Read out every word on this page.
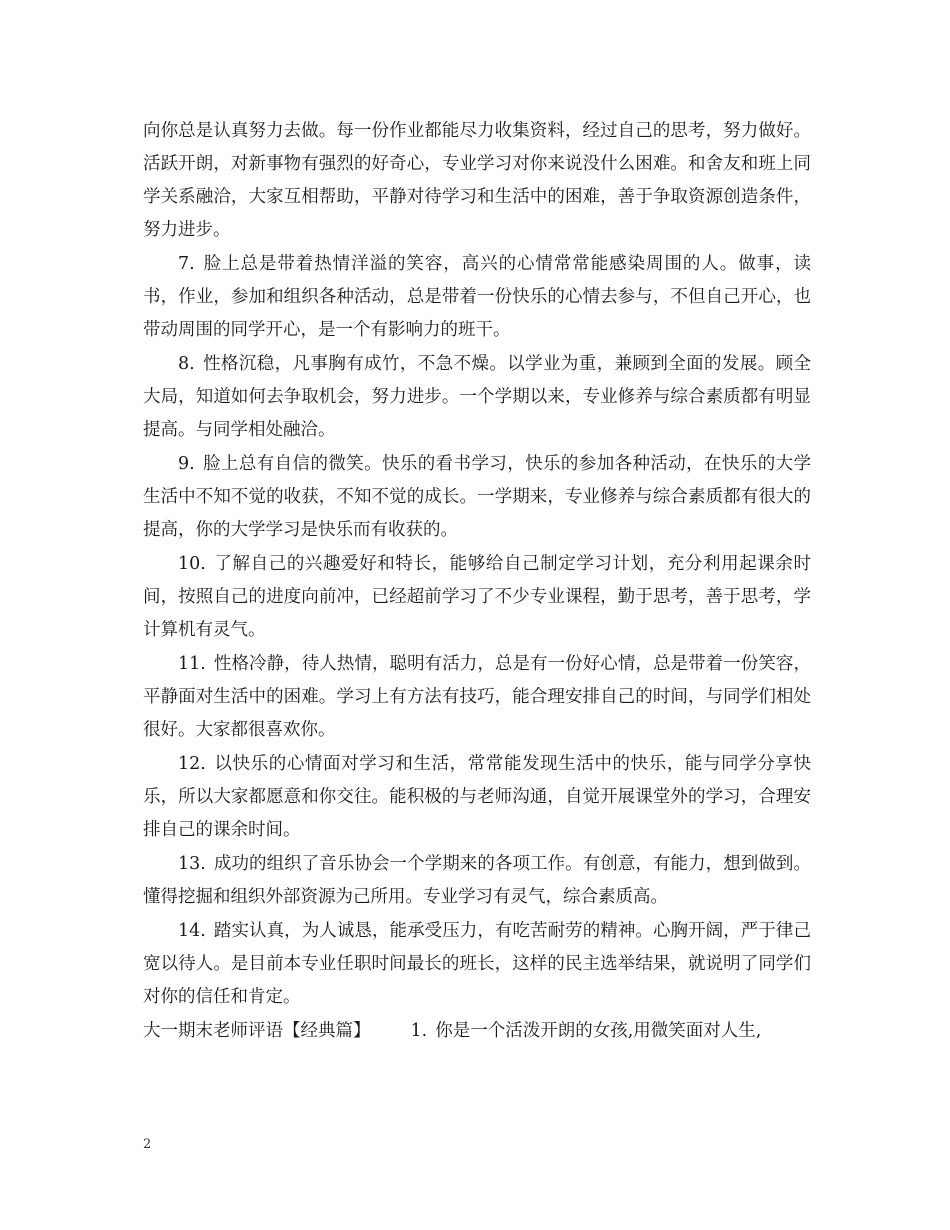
向你总是认真努力去做。每一份作业都能尽力收集资料，经过自己的思考，努力做好。 活跃开朗，对新事物有强烈的好奇心，专业学习对你来说没什么困难。和舍友和班上同学关系融洽，大家互相帮助，平静对待学习和生活中的困难，善于争取资源创造条件，努力进步。

7. 脸上总是带着热情洋溢的笑容，高兴的心情常常能感染周围的人。做事，读书，作业，参加和组织各种活动，总是带着一份快乐的心情去参与，不但自己开心，也带动周围的同学开心，是一个有影响力的班干。

8. 性格沉稳，凡事胸有成竹，不急不燥。以学业为重，兼顾到全面的发展。顾全大局，知道如何去争取机会，努力进步。一个学期以来，专业修养与综合素质都有明显提高。与同学相处融洽。

9. 脸上总有自信的微笑。快乐的看书学习，快乐的参加各种活动，在快乐的大学生活中不知不觉的收获，不知不觉的成长。一学期来，专业修养与综合素质都有很大的提高，你的大学学习是快乐而有收获的。

10. 了解自己的兴趣爱好和特长，能够给自己制定学习计划，充分利用起课余时间，按照自己的进度向前冲，已经超前学习了不少专业课程，勤于思考，善于思考，学计算机有灵气。

11. 性格冷静，待人热情，聪明有活力，总是有一份好心情，总是带着一份笑容，平静面对生活中的困难。学习上有方法有技巧，能合理安排自己的时间，与同学们相处很好。大家都很喜欢你。

12. 以快乐的心情面对学习和生活，常常能发现生活中的快乐，能与同学分享快乐，所以大家都愿意和你交往。能积极的与老师沟通，自觉开展课堂外的学习，合理安排自己的课余时间。

13. 成功的组织了音乐协会一个学期来的各项工作。有创意，有能力，想到做到。懂得挖掘和组织外部资源为己所用。专业学习有灵气，综合素质高。

14. 踏实认真，为人诚恳，能承受压力，有吃苦耐劳的精神。心胸开阔，严于律己宽以待人。是目前本专业任职时间最长的班长，这样的民主选举结果，就说明了同学们对你的信任和肯定。

大一期末老师评语【经典篇】 1. 你是一个活泼开朗的女孩,用微笑面对人生,

2
